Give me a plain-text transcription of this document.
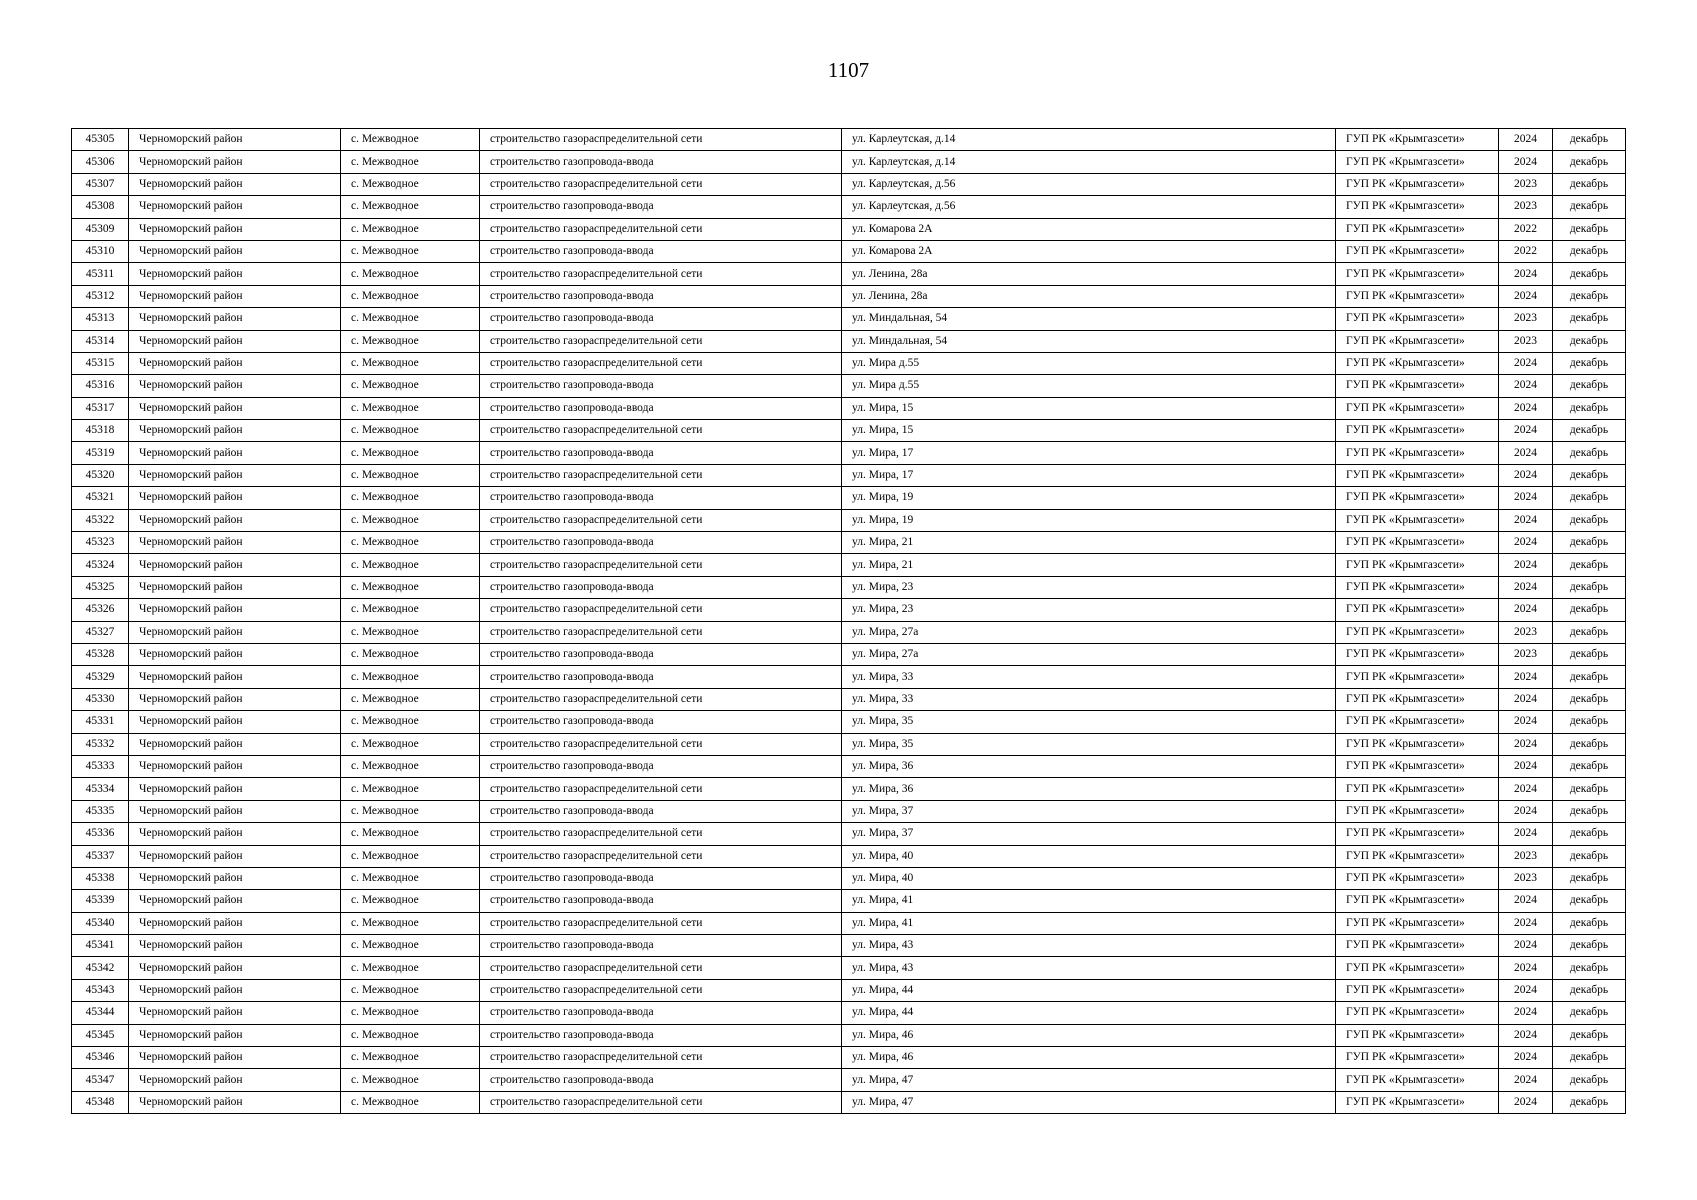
1107
45305	Черноморский район	с. Межводное	строительство газораспределительной сети	ул. Карлеутская, д.14	ГУП РК «Крымгазсети»	2024	декабрь
45306	Черноморский район	с. Межводное	строительство газопровода-ввода	ул. Карлеутская, д.14	ГУП РК «Крымгазсети»	2024	декабрь
45307	Черноморский район	с. Межводное	строительство газораспределительной сети	ул. Карлеутская, д.56	ГУП РК «Крымгазсети»	2023	декабрь
45308	Черноморский район	с. Межводное	строительство газопровода-ввода	ул. Карлеутская, д.56	ГУП РК «Крымгазсети»	2023	декабрь
45309	Черноморский район	с. Межводное	строительство газораспределительной сети	ул. Комарова 2А	ГУП РК «Крымгазсети»	2022	декабрь
45310	Черноморский район	с. Межводное	строительство газопровода-ввода	ул. Комарова 2А	ГУП РК «Крымгазсети»	2022	декабрь
45311	Черноморский район	с. Межводное	строительство газораспределительной сети	ул. Ленина, 28а	ГУП РК «Крымгазсети»	2024	декабрь
45312	Черноморский район	с. Межводное	строительство газопровода-ввода	ул. Ленина, 28а	ГУП РК «Крымгазсети»	2024	декабрь
45313	Черноморский район	с. Межводное	строительство газопровода-ввода	ул. Миндальная, 54	ГУП РК «Крымгазсети»	2023	декабрь
45314	Черноморский район	с. Межводное	строительство газораспределительной сети	ул. Миндальная, 54	ГУП РК «Крымгазсети»	2023	декабрь
45315	Черноморский район	с. Межводное	строительство газораспределительной сети	ул. Мира д.55	ГУП РК «Крымгазсети»	2024	декабрь
45316	Черноморский район	с. Межводное	строительство газопровода-ввода	ул. Мира д.55	ГУП РК «Крымгазсети»	2024	декабрь
45317	Черноморский район	с. Межводное	строительство газопровода-ввода	ул. Мира, 15	ГУП РК «Крымгазсети»	2024	декабрь
45318	Черноморский район	с. Межводное	строительство газораспределительной сети	ул. Мира, 15	ГУП РК «Крымгазсети»	2024	декабрь
45319	Черноморский район	с. Межводное	строительство газопровода-ввода	ул. Мира, 17	ГУП РК «Крымгазсети»	2024	декабрь
45320	Черноморский район	с. Межводное	строительство газораспределительной сети	ул. Мира, 17	ГУП РК «Крымгазсети»	2024	декабрь
45321	Черноморский район	с. Межводное	строительство газопровода-ввода	ул. Мира, 19	ГУП РК «Крымгазсети»	2024	декабрь
45322	Черноморский район	с. Межводное	строительство газораспределительной сети	ул. Мира, 19	ГУП РК «Крымгазсети»	2024	декабрь
45323	Черноморский район	с. Межводное	строительство газопровода-ввода	ул. Мира, 21	ГУП РК «Крымгазсети»	2024	декабрь
45324	Черноморский район	с. Межводное	строительство газораспределительной сети	ул. Мира, 21	ГУП РК «Крымгазсети»	2024	декабрь
45325	Черноморский район	с. Межводное	строительство газопровода-ввода	ул. Мира, 23	ГУП РК «Крымгазсети»	2024	декабрь
45326	Черноморский район	с. Межводное	строительство газораспределительной сети	ул. Мира, 23	ГУП РК «Крымгазсети»	2024	декабрь
45327	Черноморский район	с. Межводное	строительство газораспределительной сети	ул. Мира, 27а	ГУП РК «Крымгазсети»	2023	декабрь
45328	Черноморский район	с. Межводное	строительство газопровода-ввода	ул. Мира, 27а	ГУП РК «Крымгазсети»	2023	декабрь
45329	Черноморский район	с. Межводное	строительство газопровода-ввода	ул. Мира, 33	ГУП РК «Крымгазсети»	2024	декабрь
45330	Черноморский район	с. Межводное	строительство газораспределительной сети	ул. Мира, 33	ГУП РК «Крымгазсети»	2024	декабрь
45331	Черноморский район	с. Межводное	строительство газопровода-ввода	ул. Мира, 35	ГУП РК «Крымгазсети»	2024	декабрь
45332	Черноморский район	с. Межводное	строительство газораспределительной сети	ул. Мира, 35	ГУП РК «Крымгазсети»	2024	декабрь
45333	Черноморский район	с. Межводное	строительство газопровода-ввода	ул. Мира, 36	ГУП РК «Крымгазсети»	2024	декабрь
45334	Черноморский район	с. Межводное	строительство газораспределительной сети	ул. Мира, 36	ГУП РК «Крымгазсети»	2024	декабрь
45335	Черноморский район	с. Межводное	строительство газопровода-ввода	ул. Мира, 37	ГУП РК «Крымгазсети»	2024	декабрь
45336	Черноморский район	с. Межводное	строительство газораспределительной сети	ул. Мира, 37	ГУП РК «Крымгазсети»	2024	декабрь
45337	Черноморский район	с. Межводное	строительство газораспределительной сети	ул. Мира, 40	ГУП РК «Крымгазсети»	2023	декабрь
45338	Черноморский район	с. Межводное	строительство газопровода-ввода	ул. Мира, 40	ГУП РК «Крымгазсети»	2023	декабрь
45339	Черноморский район	с. Межводное	строительство газопровода-ввода	ул. Мира, 41	ГУП РК «Крымгазсети»	2024	декабрь
45340	Черноморский район	с. Межводное	строительство газораспределительной сети	ул. Мира, 41	ГУП РК «Крымгазсети»	2024	декабрь
45341	Черноморский район	с. Межводное	строительство газопровода-ввода	ул. Мира, 43	ГУП РК «Крымгазсети»	2024	декабрь
45342	Черноморский район	с. Межводное	строительство газораспределительной сети	ул. Мира, 43	ГУП РК «Крымгазсети»	2024	декабрь
45343	Черноморский район	с. Межводное	строительство газораспределительной сети	ул. Мира, 44	ГУП РК «Крымгазсети»	2024	декабрь
45344	Черноморский район	с. Межводное	строительство газопровода-ввода	ул. Мира, 44	ГУП РК «Крымгазсети»	2024	декабрь
45345	Черноморский район	с. Межводное	строительство газопровода-ввода	ул. Мира, 46	ГУП РК «Крымгазсети»	2024	декабрь
45346	Черноморский район	с. Межводное	строительство газораспределительной сети	ул. Мира, 46	ГУП РК «Крымгазсети»	2024	декабрь
45347	Черноморский район	с. Межводное	строительство газопровода-ввода	ул. Мира, 47	ГУП РК «Крымгазсети»	2024	декабрь
45348	Черноморский район	с. Межводное	строительство газораспределительной сети	ул. Мира, 47	ГУП РК «Крымгазсети»	2024	декабрь
